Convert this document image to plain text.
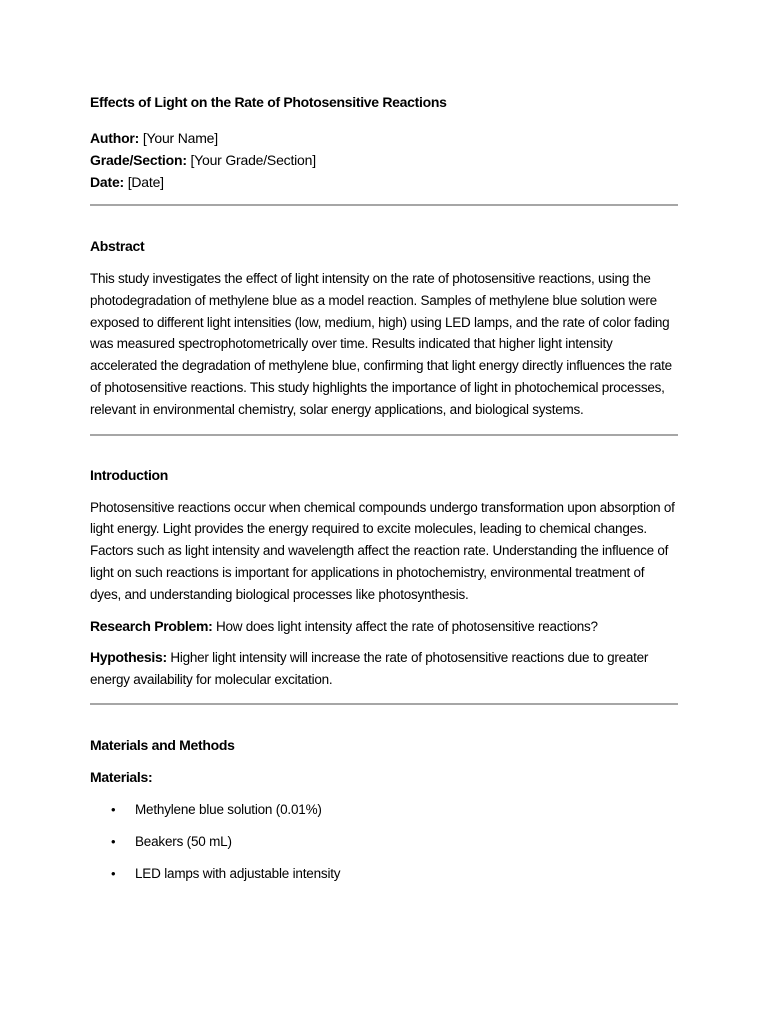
Effects of Light on the Rate of Photosensitive Reactions
Author: [Your Name]
Grade/Section: [Your Grade/Section]
Date: [Date]
Abstract

This study investigates the effect of light intensity on the rate of photosensitive reactions, using the photodegradation of methylene blue as a model reaction. Samples of methylene blue solution were exposed to different light intensities (low, medium, high) using LED lamps, and the rate of color fading was measured spectrophotometrically over time. Results indicated that higher light intensity accelerated the degradation of methylene blue, confirming that light energy directly influences the rate of photosensitive reactions. This study highlights the importance of light in photochemical processes, relevant in environmental chemistry, solar energy applications, and biological systems.

Introduction

Photosensitive reactions occur when chemical compounds undergo transformation upon absorption of light energy. Light provides the energy required to excite molecules, leading to chemical changes. Factors such as light intensity and wavelength affect the reaction rate. Understanding the influence of light on such reactions is important for applications in photochemistry, environmental treatment of dyes, and understanding biological processes like photosynthesis.

Research Problem: How does light intensity affect the rate of photosensitive reactions?

Hypothesis: Higher light intensity will increase the rate of photosensitive reactions due to greater energy availability for molecular excitation.

Materials and Methods
Materials:
• Methylene blue solution (0.01%)
• Beakers (50 mL)
• LED lamps with adjustable intensity
